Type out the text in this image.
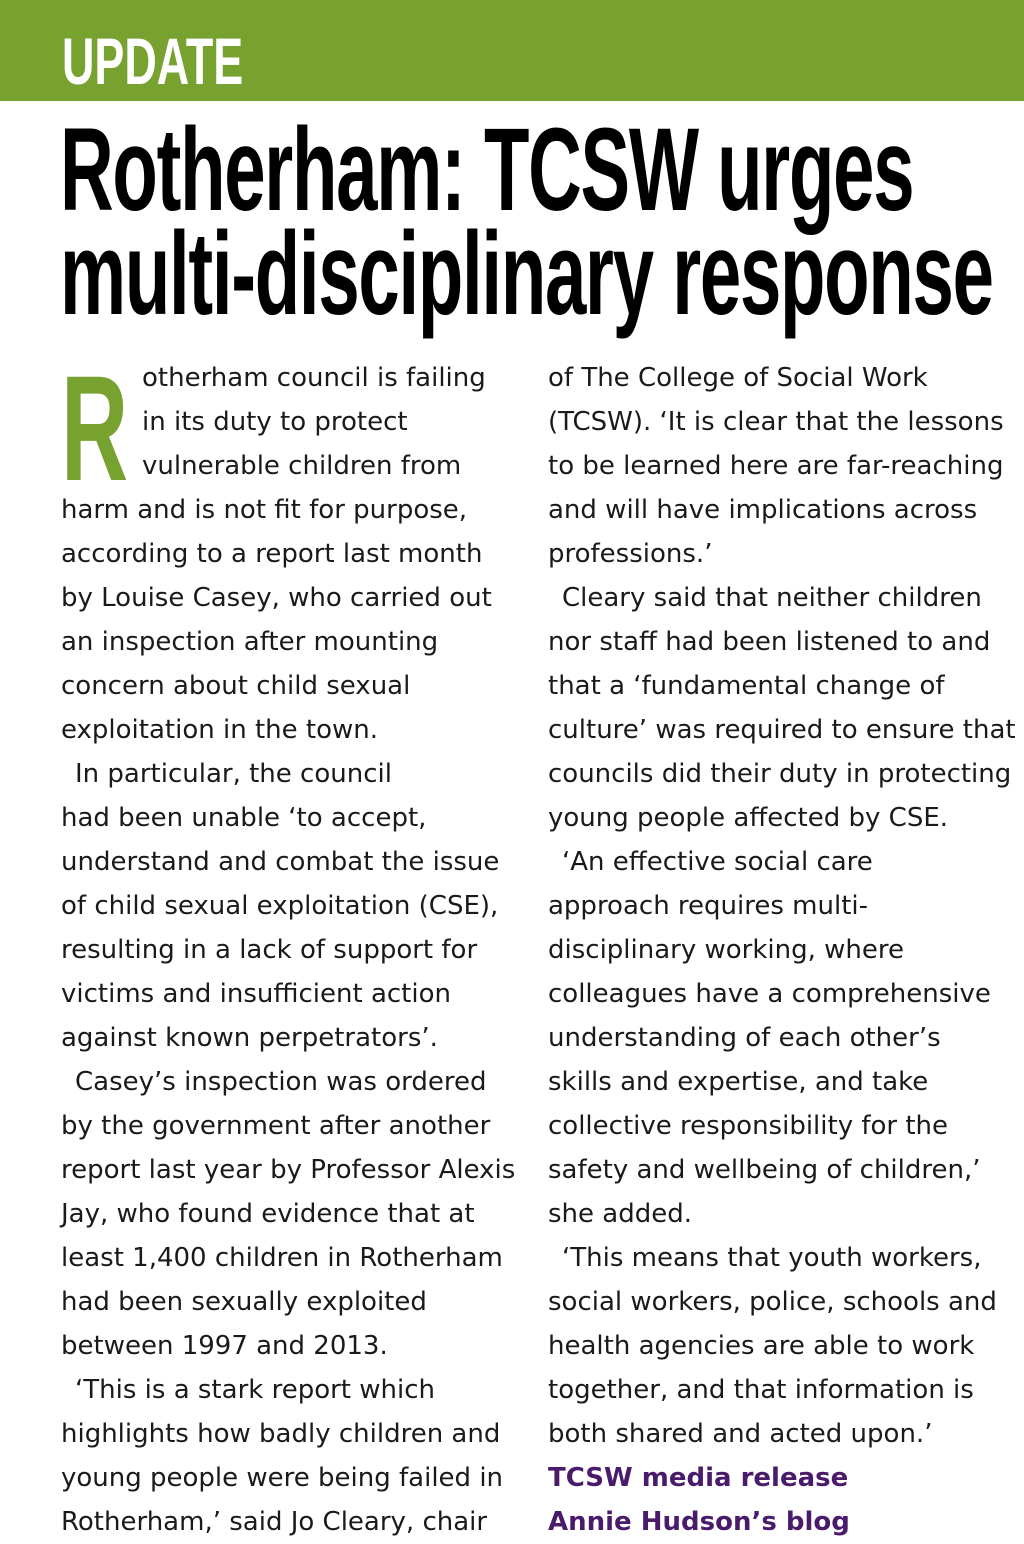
UPDATE
Rotherham: TCSW urges
multi-disciplinary response
R otherham council is failing
in its duty to protect
vulnerable children from
harm and is not fit for purpose,
according to a report last month
by Louise Casey, who carried out
an inspection after mounting
concern about child sexual
exploitation in the town.
In particular, the council
had been unable ‘to accept,
understand and combat the issue
of child sexual exploitation (CSE),
resulting in a lack of support for
victims and insufficient action
against known perpetrators’.
Casey’s inspection was ordered
by the government after another
report last year by Professor Alexis
Jay, who found evidence that at
least 1,400 children in Rotherham
had been sexually exploited
between 1997 and 2013.
‘This is a stark report which
highlights how badly children and
young people were being failed in
Rotherham,’ said Jo Cleary, chair
of The College of Social Work
(TCSW). ‘It is clear that the lessons
to be learned here are far-reaching
and will have implications across
professions.’
Cleary said that neither children
nor staff had been listened to and
that a ‘fundamental change of
culture’ was required to ensure that
councils did their duty in protecting
young people affected by CSE.
‘An effective social care
approach requires multi-
disciplinary working, where
colleagues have a comprehensive
understanding of each other’s
skills and expertise, and take
collective responsibility for the
safety and wellbeing of children,’
she added.
‘This means that youth workers,
social workers, police, schools and
health agencies are able to work
together, and that information is
both shared and acted upon.’
TCSW media release
Annie Hudson’s blog
